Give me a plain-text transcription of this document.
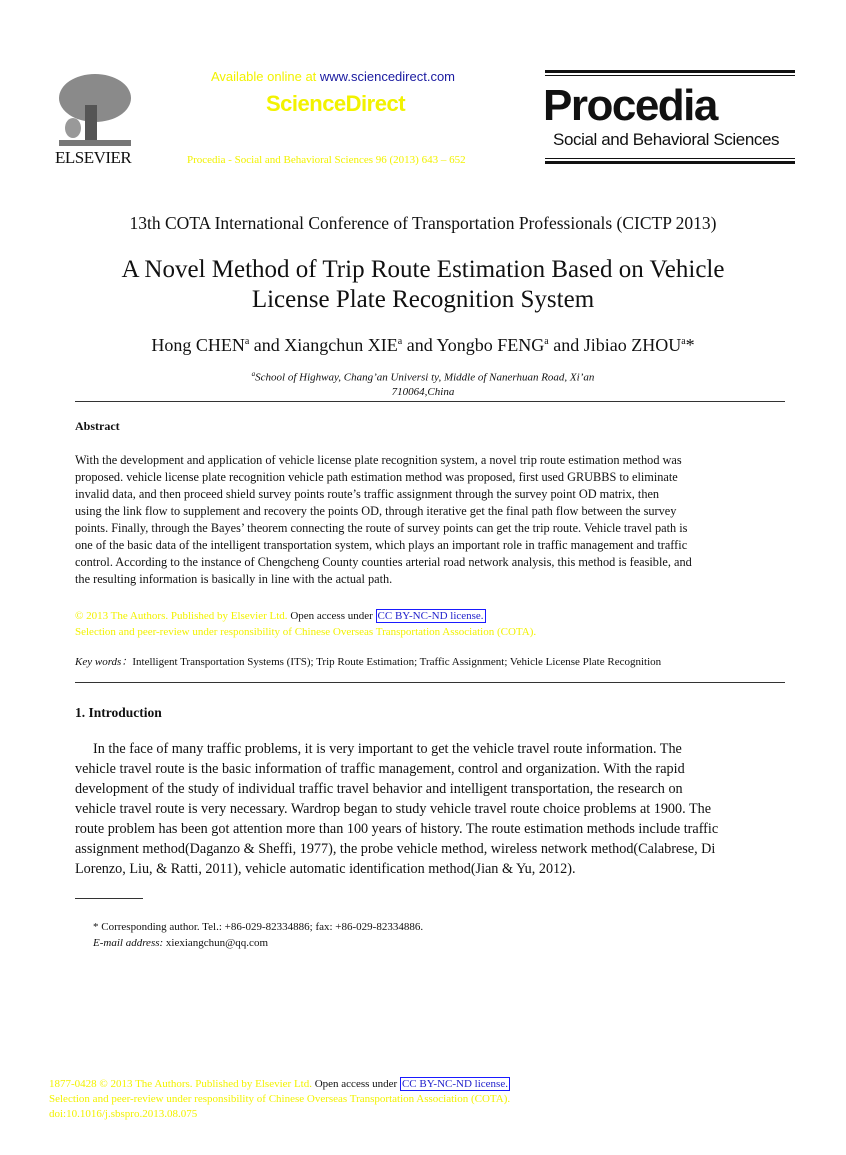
ELSEVIER
Available online at www.sciencedirect.com
ScienceDirect
Procedia - Social and Behavioral Sciences 96 (2013) 643 – 652
Procedia
Social and Behavioral Sciences
13th COTA International Conference of Transportation Professionals (CICTP 2013)
A Novel Method of Trip Route Estimation Based on Vehicle
License Plate Recognition System
Hong CHEN$^a$ and Xiangchun XIE$^a$ and Yongbo FENG$^a$ and Jibiao ZHOU$^a$*
$^a$School of Highway, Chang’an Universi ty, Middle of Nanerhuan Road, Xi’an
710064,China
Abstract
With the development and application of vehicle license plate recognition system, a novel trip route estimation method was
proposed. vehicle license plate recognition vehicle path estimation method was proposed, first used GRUBBS to eliminate
invalid data, and then proceed shield survey points route’s traffic assignment through the survey point OD matrix, then
using the link flow to supplement and recovery the points OD, through iterative get the final path flow between the survey
points. Finally, through the Bayes’ theorem connecting the route of survey points can get the trip route. Vehicle travel path is
one of the basic data of the intelligent transportation system, which plays an important role in traffic management and traffic
control. According to the instance of Chengcheng County counties arterial road network analysis, this method is feasible, and
the resulting information is basically in line with the actual path.
© 2013 The Authors. Published by Elsevier Ltd. Open access under CC BY-NC-ND license.
Selection and peer-review under responsibility of Chinese Overseas Transportation Association (COTA).
Key words：Intelligent Transportation Systems (ITS); Trip Route Estimation; Traffic Assignment; Vehicle License Plate Recognition
1. Introduction
In the face of many traffic problems, it is very important to get the vehicle travel route information. The
vehicle travel route is the basic information of traffic management, control and organization. With the rapid
development of the study of individual traffic travel behavior and intelligent transportation, the research on
vehicle travel route is very necessary. Wardrop began to study vehicle travel route choice problems at 1900. The
route problem has been got attention more than 100 years of history. The route estimation methods include traffic
assignment method(Daganzo & Sheffi, 1977), the probe vehicle method, wireless network method(Calabrese, Di
Lorenzo, Liu, & Ratti, 2011), vehicle automatic identification method(Jian & Yu, 2012).
* Corresponding author. Tel.: +86-029-82334886; fax: +86-029-82334886.
E-mail address: xiexiangchun@qq.com
1877-0428 © 2013 The Authors. Published by Elsevier Ltd. Open access under CC BY-NC-ND license.
Selection and peer-review under responsibility of Chinese Overseas Transportation Association (COTA).
doi:10.1016/j.sbspro.2013.08.075
